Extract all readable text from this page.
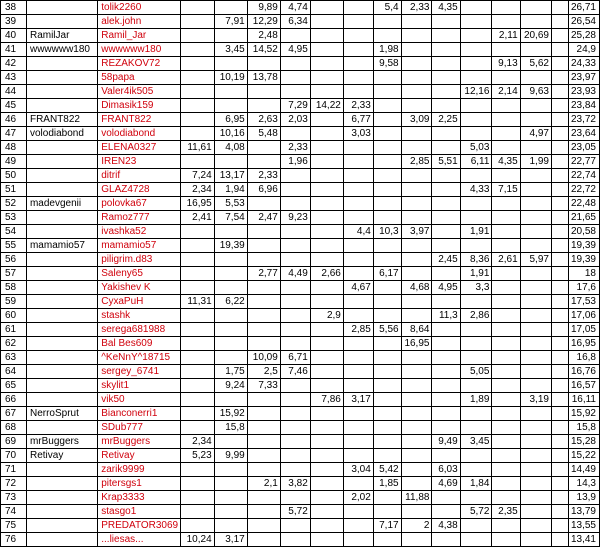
38		tolik2260			9,89	4,74			5,4	2,33	4,35					26,71
39		alek.john		7,91	12,29	6,34										26,54
40	RamilJar	Ramil_Jar			2,48								2,11	20,69		25,28
41	wwwwww180	wwwwww180		3,45	14,52	4,95			1,98							24,9
42		REZAKOV72							9,58				9,13	5,62		24,33
43		58papa		10,19	13,78											23,97
44		Valer4ik505										12,16	2,14	9,63		23,93
45		Dimasik159				7,29	14,22	2,33								23,84
46	FRANT822	FRANT822		6,95	2,63	2,03		6,77		3,09	2,25					23,72
47	volodiabond	volodiabond		10,16	5,48			3,03						4,97		23,64
48		ELENA0327	11,61	4,08		2,33						5,03				23,05
49		IREN23				1,96				2,85	5,51	6,11	4,35	1,99		22,77
50		ditrif	7,24	13,17	2,33											22,74
51		GLAZ4728	2,34	1,94	6,96							4,33	7,15			22,72
52	madevgenii	polovka67	16,95	5,53												22,48
53		Ramoz777	2,41	7,54	2,47	9,23										21,65
54		ivashka52						4,4	10,3	3,97		1,91				20,58
55	mamamio57	mamamio57		19,39												19,39
56		piligrim.d83									2,45	8,36	2,61	5,97		19,39
57		Saleny65			2,77	4,49	2,66		6,17			1,91				18
58		Yakishev K						4,67		4,68	4,95	3,3				17,6
59		СухаРuH	11,31	6,22												17,53
60		stashk					2,9				11,3	2,86				17,06
61		serega681988						2,85	5,56	8,64						17,05
62		Bal Bes609								16,95						16,95
63		^KeNnY^18715			10,09	6,71										16,8
64		sergey_6741		1,75	2,5	7,46						5,05				16,76
65		skylit1		9,24	7,33											16,57
66		vik50					7,86	3,17				1,89		3,19		16,11
67	NerroSprut	Bianconerri1		15,92												15,92
68		SDub777		15,8												15,8
69	mrBuggers	mrBuggers	2,34								9,49	3,45				15,28
70	Retivay	Retivay	5,23	9,99												15,22
71		zarik9999						3,04	5,42		6,03					14,49
72		pitersgs1			2,1	3,82			1,85		4,69	1,84				14,3
73		Krap3333						2,02		11,88						13,9
74		stasgo1				5,72						5,72	2,35			13,79
75		PREDATOR3069							7,17	2	4,38					13,55
76		...liesas...	10,24	3,17												13,41
